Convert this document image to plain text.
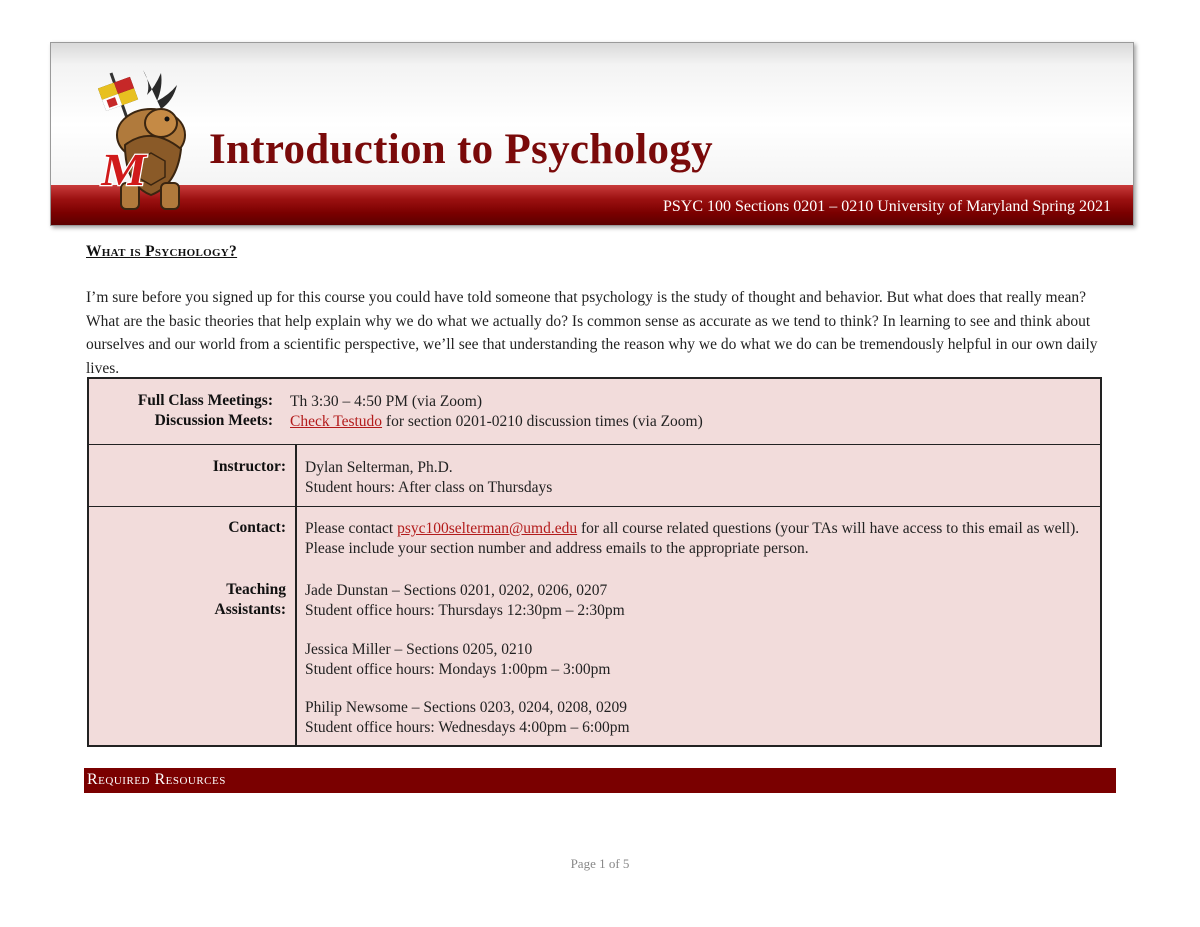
M Introduction to Psychology
PSYC 100 Sections 0201 – 0210 University of Maryland Spring 2021
What is Psychology?

I’m sure before you signed up for this course you could have told someone that psychology is the study of thought and behavior. But what does that really mean? What are the basic theories that help explain why we do what we actually do? Is common sense as accurate as we tend to think? In learning to see and think about ourselves and our world from a scientific perspective, we’ll see that understanding the reason why we do what we do can be tremendously helpful in our own daily lives.

Full Class Meetings: Th 3:30 – 4:50 PM (via Zoom)
Discussion Meets: Check Testudo for section 0201-0210 discussion times (via Zoom)
Instructor: Dylan Selterman, Ph.D.
Student hours: After class on Thursdays
Contact: Please contact psyc100selterman@umd.edu for all course related questions (your TAs will have access to this email as well). Please include your section number and address emails to the appropriate person.
Teaching
Assistants:
Jade Dunstan – Sections 0201, 0202, 0206, 0207
Student office hours: Thursdays 12:30pm – 2:30pm
Jessica Miller – Sections 0205, 0210
Student office hours: Mondays 1:00pm – 3:00pm
Philip Newsome – Sections 0203, 0204, 0208, 0209
Student office hours: Wednesdays 4:00pm – 6:00pm
Required Resources
Page 1 of 5
